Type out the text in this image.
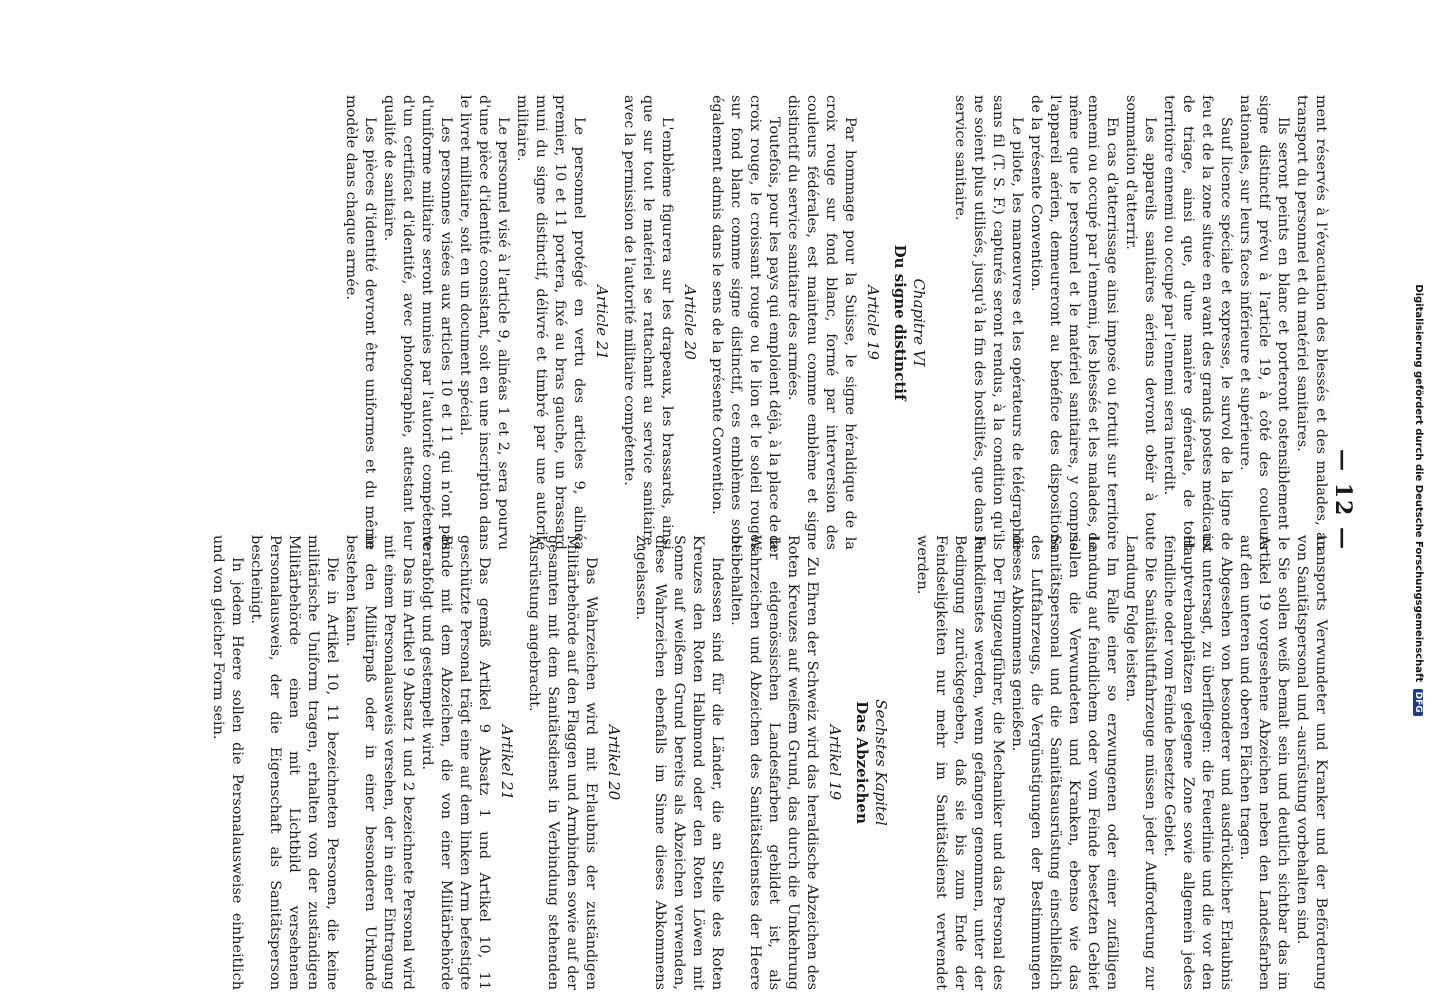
— 12 —

ment réservés à l'évacuation des blessés et des malades, au transport du personnel et du matériel sanitaires.

Ils seront peints en blanc et porteront ostensiblement le signe distinctif prévu à l'article 19, à côté des couleurs nationales, sur leurs faces inférieure et supérieure.

Sauf licence spéciale et expresse, le survol de la ligne de feu et de la zone située en avant des grands postes médicaux de triage, ainsi que, d'une manière générale, de tout territoire ennemi ou occupé par l'ennemi sera interdit.

Les appareils sanitaires aériens devront obéir à toute sommation d'atterrir.

En cas d'atterrissage ainsi imposé ou fortuit sur territoire ennemi ou occupé par l'ennemi, les blessés et les malades, de même que le personnel et le matériel sanitaires, y compris l'appareil aérien, demeureront au bénéfice des dispositions de la présente Convention.

Le pilote, les manœuvres et les opérateurs de télégraphie sans fil (T. S. F.) capturés seront rendus, à la condition qu'ils ne soient plus utilisés, jusqu'à la fin des hostilités, que dans le service sanitaire.

Chapitre VI

Du signe distinctif

Article 19

Par hommage pour la Suisse, le signe héraldique de la croix rouge sur fond blanc, formé par interversion des couleurs fédérales, est maintenu comme emblème et signe distinctif du service sanitaire des armées.

Toutefois, pour les pays qui emploient déjà, à la place de la croix rouge, le croissant rouge ou le lion et le soleil rouges sur fond blanc comme signe distinctif, ces emblèmes sont également admis dans le sens de la présente Convention.

Article 20

L'emblème figurera sur les drapeaux, les brassards, ainsi que sur tout le matériel se rattachant au service sanitaire, avec la permission de l'autorité militaire compétente.

Article 21

Le personnel protégé en vertu des articles 9, alinéa premier, 10 et 11 portera, fixé au bras gauche, un brassard muni du signe distinctif, délivré et timbré par une autorité militaire.

Le personnel visé à l'article 9, alinéas 1 et 2, sera pourvu d'une pièce d'identité consistant, soit en une inscription dans le livret militaire, soit en un document spécial.

Les personnes visées aux articles 10 et 11 qui n'ont pas d'uniforme militaire seront munies par l'autorité compétente d'un certificat d'identité, avec photographie, attestant leur qualité de sanitaire.

Les pièces d'identité devront être uniformes et du même modèle dans chaque armée.

transports Verwundeter und Kranker und der Beförderung von Sanitätspersonal und -ausrüstung vorbehalten sind.

Sie sollen weiß bemalt sein und deutlich sichtbar das im Artikel 19 vorgesehene Abzeichen neben den Landesfarben auf den unteren und oberen Flächen tragen.

Abgesehen von besonderer und ausdrücklicher Erlaubnis ist untersagt, zu überfliegen: die Feuerlinie und die vor den Hauptverbandplätzen gelegene Zone sowie allgemein jedes feindliche oder vom Feinde besetzte Gebiet.

Die Sanitätsluftfahrzeuge müssen jeder Aufforderung zur Landung Folge leisten.

Im Falle einer so erzwungenen oder einer zufälligen Landung auf feindlichem oder vom Feinde besetzten Gebiet sollen die Verwundeten und Kranken, ebenso wie das Sanitätspersonal und die Sanitätsausrüstung einschließlich des Luftfahrzeugs, die Vergünstigungen der Bestimmungen dieses Abkommens genießen.

Der Flugzeugführer, die Mechaniker und das Personal des Funkdienstes werden, wenn gefangen genommen, unter der Bedingung zurückgegeben, daß sie bis zum Ende der Feindseligkeiten nur mehr im Sanitätsdienst verwendet werden.

Sechstes Kapitel

Das Abzeichen

Artikel 19

Zu Ehren der Schweiz wird das heraldische Abzeichen des Roten Kreuzes auf weißem Grund, das durch die Umkehrung der eidgenössischen Landesfarben gebildet ist, als Wahrzeichen und Abzeichen des Sanitätsdienstes der Heere beibehalten.

Indessen sind für die Länder, die an Stelle des Roten Kreuzes den Roten Halbmond oder den Roten Löwen mit Sonne auf weißem Grund bereits als Abzeichen verwenden, diese Wahrzeichen ebenfalls im Sinne dieses Abkommens zugelassen.

Artikel 20

Das Wahrzeichen wird mit Erlaubnis der zuständigen Militärbehörde auf den Flaggen und Armbinden sowie auf der gesamten mit dem Sanitätsdienst in Verbindung stehenden Ausrüstung angebracht.

Artikel 21

Das gemäß Artikel 9 Absatz 1 und Artikel 10, 11 geschützte Personal trägt eine auf dem linken Arm befestigte Binde mit dem Abzeichen, die von einer Militärbehörde verabfolgt und gestempelt wird.

Das im Artikel 9 Absatz 1 und 2 bezeichnete Personal wird mit einem Personalausweis versehen, der in einer Eintragung in den Militärpaß oder in einer besonderen Urkunde bestehen kann.

Die in Artikel 10, 11 bezeichneten Personen, die keine militärische Uniform tragen, erhalten von der zuständigen Militärbehörde einen mit Lichtbild versehenen Personalausweis, der die Eigenschaft als Sanitätsperson bescheinigt.

In jedem Heere sollen die Personalausweise einheitlich und von gleicher Form sein.	Digitalisierung gefördert durch die Deutsche Forschungsgemeinschaft DFG
